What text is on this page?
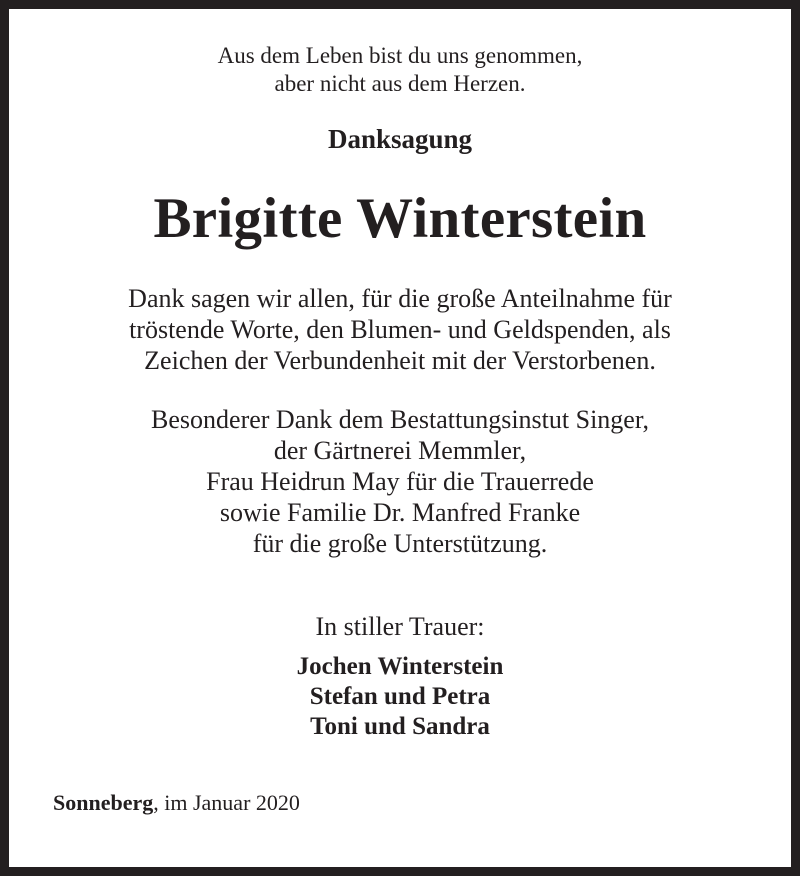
Aus dem Leben bist du uns genommen,
aber nicht aus dem Herzen.
Danksagung
Brigitte Winterstein
Dank sagen wir allen, für die große Anteilnahme für
tröstende Worte, den Blumen- und Geldspenden, als
Zeichen der Verbundenheit mit der Verstorbenen.
Besonderer Dank dem Bestattungsinstut Singer,
der Gärtnerei Memmler,
Frau Heidrun May für die Trauerrede
sowie Familie Dr. Manfred Franke
für die große Unterstützung.
In stiller Trauer:
Jochen Winterstein
Stefan und Petra
Toni und Sandra
Sonneberg, im Januar 2020
